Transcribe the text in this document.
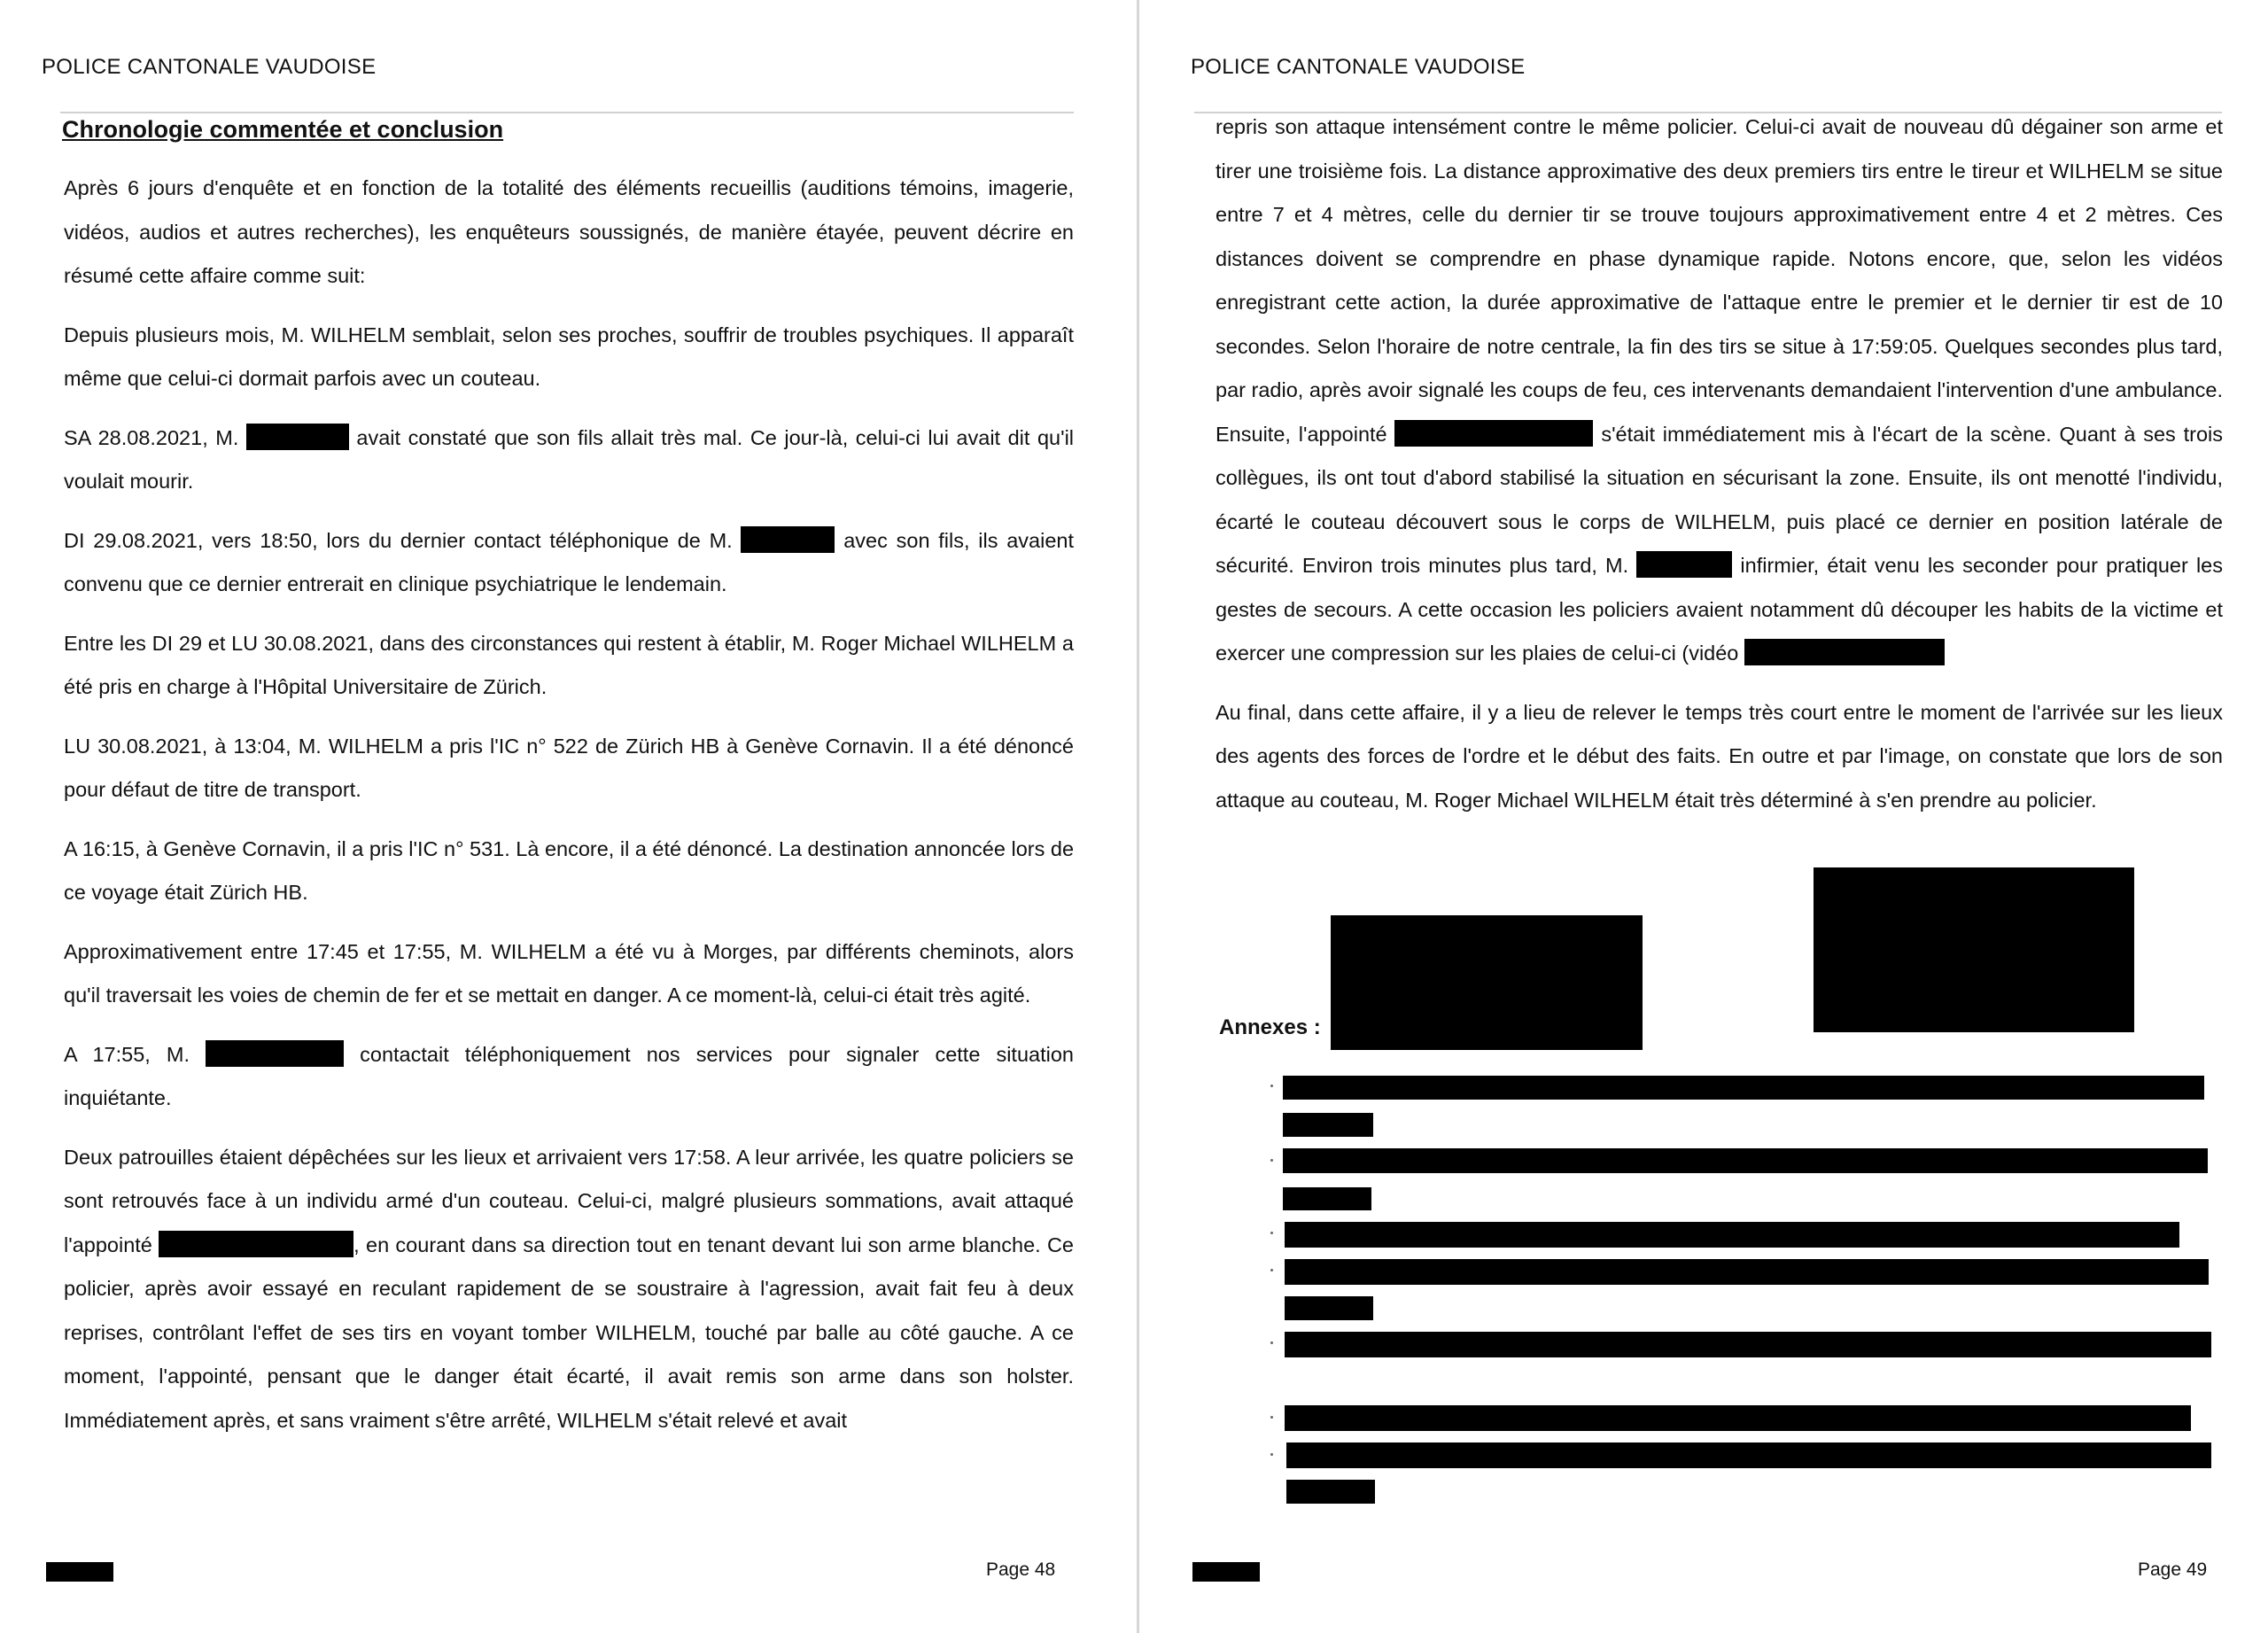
POLICE CANTONALE VAUDOISE
Chronologie commentée et conclusion

Après 6 jours d'enquête et en fonction de la totalité des éléments recueillis (auditions témoins, imagerie, vidéos, audios et autres recherches), les enquêteurs soussignés, de manière étayée, peuvent décrire en résumé cette affaire comme suit:

Depuis plusieurs mois, M. WILHELM semblait, selon ses proches, souffrir de troubles psychiques. Il apparaît même que celui-ci dormait parfois avec un couteau.

SA 28.08.2021, M.	avait constaté que son fils allait très mal. Ce jour-là, celui-ci lui avait dit qu'il voulait mourir.

DI 29.08.2021, vers 18:50, lors du dernier contact téléphonique de M.	avec son fils, ils avaient convenu que ce dernier entrerait en clinique psychiatrique le lendemain.

Entre les DI 29 et LU 30.08.2021, dans des circonstances qui restent à établir, M. Roger Michael WILHELM a été pris en charge à l'Hôpital Universitaire de Zürich.

LU 30.08.2021, à 13:04, M. WILHELM a pris l'IC n° 522 de Zürich HB à Genève Cornavin. Il a été dénoncé pour défaut de titre de transport.

A 16:15, à Genève Cornavin, il a pris l'IC n° 531. Là encore, il a été dénoncé. La destination annoncée lors de ce voyage était Zürich HB.

Approximativement entre 17:45 et 17:55, M. WILHELM a été vu à Morges, par différents cheminots, alors qu'il traversait les voies de chemin de fer et se mettait en danger. A ce moment-là, celui-ci était très agité.

A 17:55, M.	contactait téléphoniquement nos services pour signaler cette situation inquiétante.

Deux patrouilles étaient dépêchées sur les lieux et arrivaient vers 17:58. A leur arrivée, les quatre policiers se sont retrouvés face à un individu armé d'un couteau. Celui-ci, malgré plusieurs sommations, avait attaqué l'appointé	, en courant dans sa direction tout en tenant devant lui son arme blanche. Ce policier, après avoir essayé en reculant rapidement de se soustraire à l'agression, avait fait feu à deux reprises, contrôlant l'effet de ses tirs en voyant tomber WILHELM, touché par balle au côté gauche. A ce moment, l'appointé, pensant que le danger était écarté, il avait remis son arme dans son holster. Immédiatement après, et sans vraiment s'être arrêté, WILHELM s'était relevé et avait

Page 48
POLICE CANTONALE VAUDOISE

repris son attaque intensément contre le même policier. Celui-ci avait de nouveau dû dégainer son arme et tirer une troisième fois. La distance approximative des deux premiers tirs entre le tireur et WILHELM se situe entre 7 et 4 mètres, celle du dernier tir se trouve toujours approximativement entre 4 et 2 mètres. Ces distances doivent se comprendre en phase dynamique rapide. Notons encore, que, selon les vidéos enregistrant cette action, la durée approximative de l'attaque entre le premier et le dernier tir est de 10 secondes. Selon l'horaire de notre centrale, la fin des tirs se situe à 17:59:05. Quelques secondes plus tard, par radio, après avoir signalé les coups de feu, ces intervenants demandaient l'intervention d'une ambulance. Ensuite, l'appointé	s'était immédiatement mis à l'écart de la scène. Quant à ses trois collègues, ils ont tout d'abord stabilisé la situation en sécurisant la zone. Ensuite, ils ont menotté l'individu, écarté le couteau découvert sous le corps de WILHELM, puis placé ce dernier en position latérale de sécurité. Environ trois minutes plus tard, M.	infirmier, était venu les seconder pour pratiquer les gestes de secours. A cette occasion les policiers avaient notamment dû découper les habits de la victime et exercer une compression sur les plaies de celui-ci (vidéo

Au final, dans cette affaire, il y a lieu de relever le temps très court entre le moment de l'arrivée sur les lieux des agents des forces de l'ordre et le début des faits. En outre et par l'image, on constate que lors de son attaque au couteau, M. Roger Michael WILHELM était très déterminé à s'en prendre au policier.

Annexes :
Page 49
